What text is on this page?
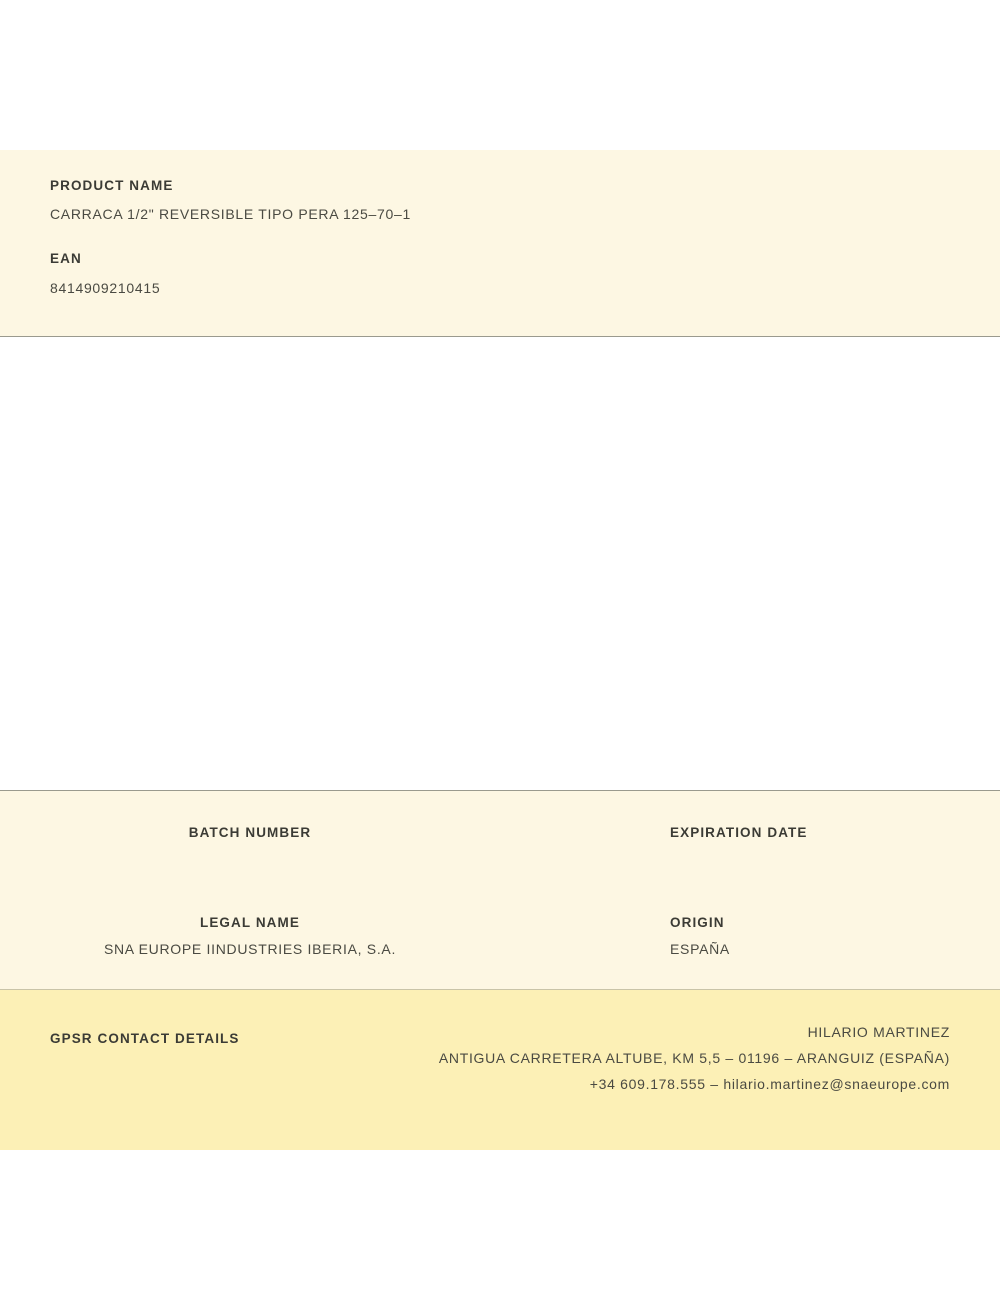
PRODUCT NAME
CARRACA 1/2" REVERSIBLE TIPO PERA 125–70–1
EAN
8414909210415
BATCH NUMBER	EXPIRATION DATE
LEGAL NAME
SNA EUROPE IINDUSTRIES IBERIA, S.A.
ORIGIN
ESPAÑA
GPSR CONTACT DETAILS	HILARIO MARTINEZ
ANTIGUA CARRETERA ALTUBE, KM 5,5 – 01196 – ARANGUIZ (ESPAÑA)
+34 609.178.555 – hilario.martinez@snaeurope.com
